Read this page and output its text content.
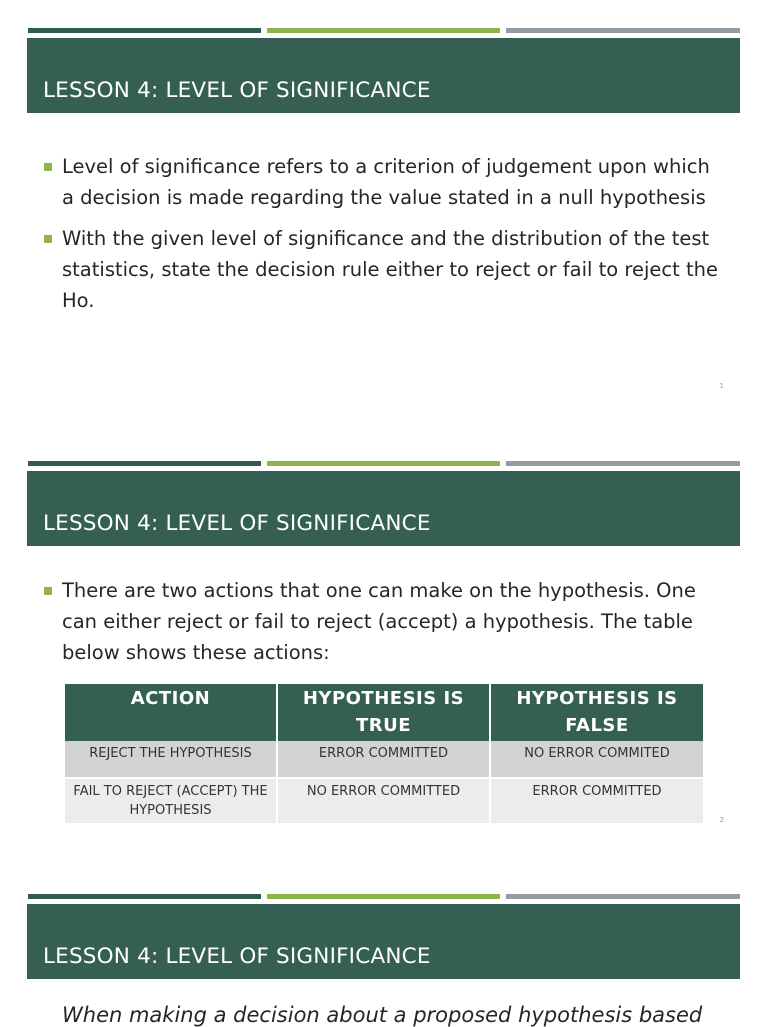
LESSON 4: LEVEL OF SIGNIFICANCE
Level of significance refers to a criterion of judgement upon which a decision is made regarding the value stated in a null hypothesis
With the given level of significance and the distribution of the test statistics, state the decision rule either to reject or fail to reject the Ho.
1
LESSON 4: LEVEL OF SIGNIFICANCE
There are two actions that one can make on the hypothesis. One can either reject or fail to reject (accept) a hypothesis. The table below shows these actions:
2
ACTION	HYPOTHESIS IS TRUE	HYPOTHESIS IS FALSE
REJECT THE HYPOTHESIS	ERROR COMMITTED	NO ERROR COMMITED
FAIL TO REJECT (ACCEPT) THE HYPOTHESIS	NO ERROR COMMITTED	ERROR COMMITTED
LESSON 4: LEVEL OF SIGNIFICANCE
When making a decision about a proposed hypothesis based
